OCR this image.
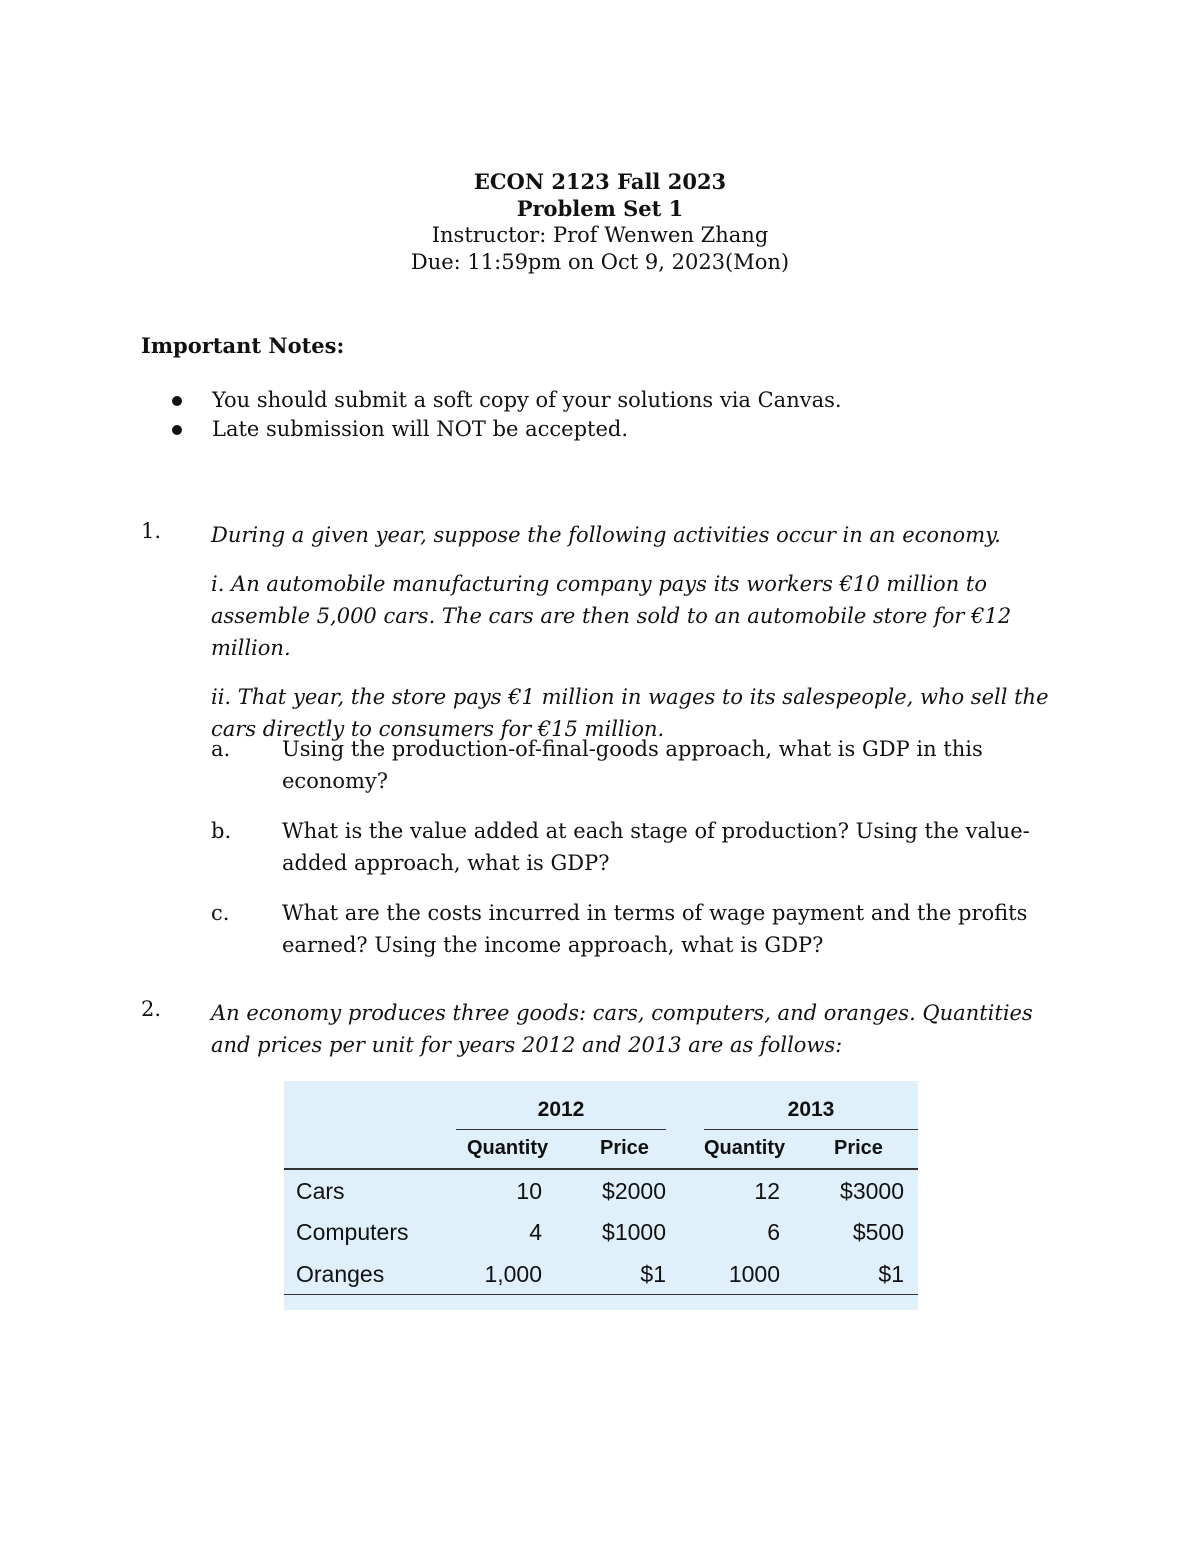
ECON 2123 Fall 2023
Problem Set 1
Instructor: Prof Wenwen Zhang
Due: 11:59pm on Oct 9, 2023(Mon)
Important Notes:
You should submit a soft copy of your solutions via Canvas.
Late submission will NOT be accepted.
1. During a given year, suppose the following activities occur in an economy.

i. An automobile manufacturing company pays its workers €10 million to assemble 5,000 cars. The cars are then sold to an automobile store for €12 million.

ii. That year, the store pays €1 million in wages to its salespeople, who sell the cars directly to consumers for €15 million.

a. Using the production-of-final-goods approach, what is GDP in this economy?
b. What is the value added at each stage of production? Using the value-added approach, what is GDP?
c.	What are the costs incurred in terms of wage payment and the profits earned? Using the income approach, what is GDP?
2. An economy produces three goods: cars, computers, and oranges. Quantities and prices per unit for years 2012 and 2013 are as follows:

2012	2013
Quantity	Price	Quantity Price
Cars	10	$2000	12	$3000
Computers	4	$1000	6	$500
Oranges	1,000	$1	1000	$1
